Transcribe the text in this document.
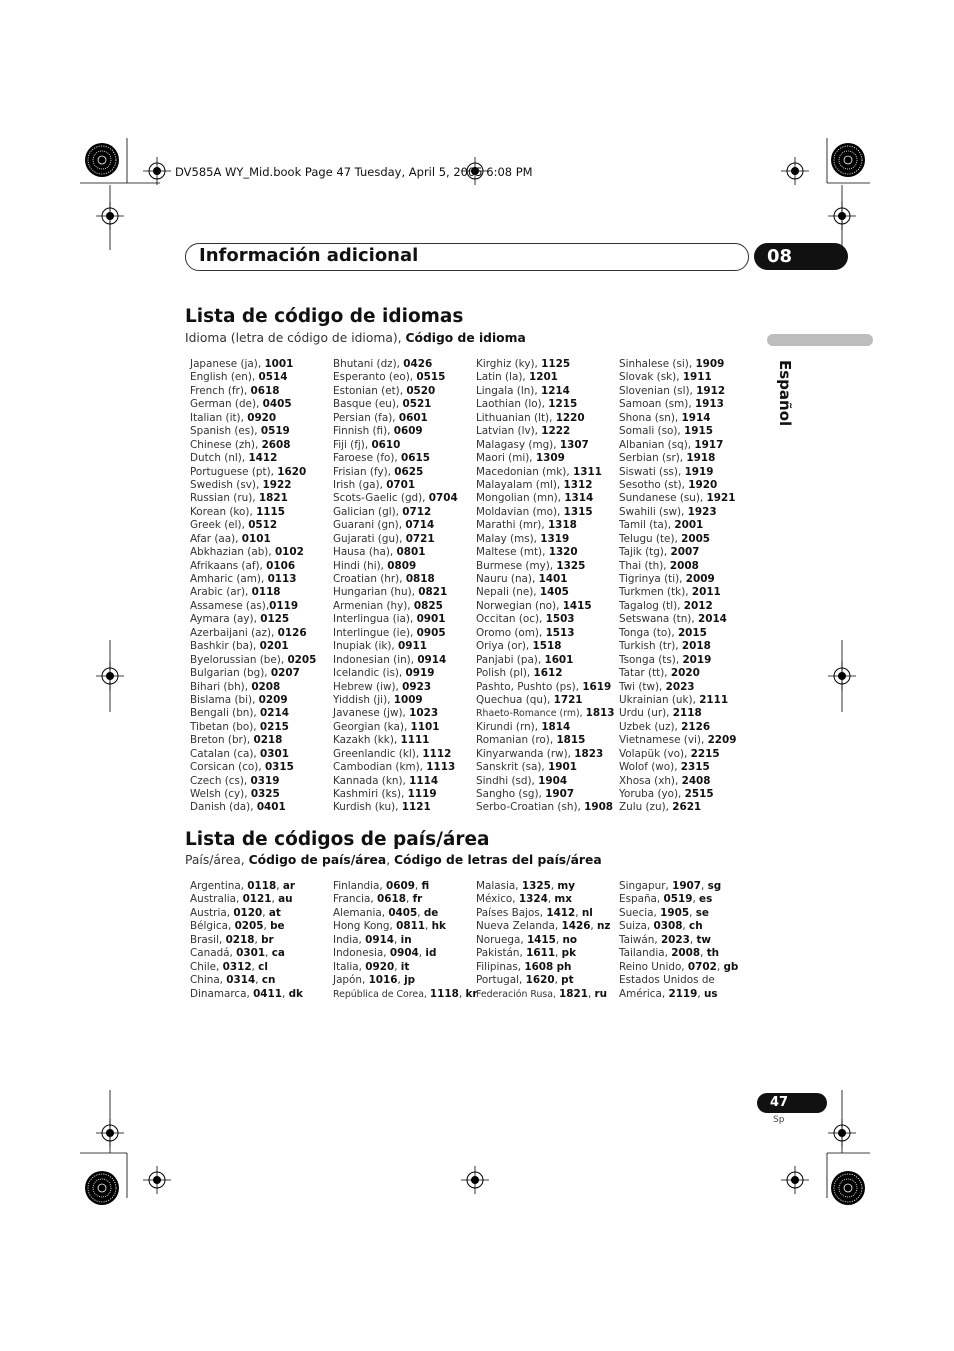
DV585A WY_Mid.book Page 47 Tuesday, April 5, 2005 6:08 PM
Información adicional	08
Español
Lista de código de idiomas
Idioma (letra de código de idioma), Código de idioma
Japanese (ja), 1001
English (en), 0514
French (fr), 0618
German (de), 0405
Italian (it), 0920
Spanish (es), 0519
Chinese (zh), 2608
Dutch (nl), 1412
Portuguese (pt), 1620
Swedish (sv), 1922
Russian (ru), 1821
Korean (ko), 1115
Greek (el), 0512
Afar (aa), 0101
Abkhazian (ab), 0102
Afrikaans (af), 0106
Amharic (am), 0113
Arabic (ar), 0118
Assamese (as),0119
Aymara (ay), 0125
Azerbaijani (az), 0126
Bashkir (ba), 0201
Byelorussian (be), 0205
Bulgarian (bg), 0207
Bihari (bh), 0208
Bislama (bi), 0209
Bengali (bn), 0214
Tibetan (bo), 0215
Breton (br), 0218
Catalan (ca), 0301
Corsican (co), 0315
Czech (cs), 0319
Welsh (cy), 0325
Danish (da), 0401
Bhutani (dz), 0426
Esperanto (eo), 0515
Estonian (et), 0520
Basque (eu), 0521
Persian (fa), 0601
Finnish (fi), 0609
Fiji (fj), 0610
Faroese (fo), 0615
Frisian (fy), 0625
Irish (ga), 0701
Scots-Gaelic (gd), 0704
Galician (gl), 0712
Guarani (gn), 0714
Gujarati (gu), 0721
Hausa (ha), 0801
Hindi (hi), 0809
Croatian (hr), 0818
Hungarian (hu), 0821
Armenian (hy), 0825
Interlingua (ia), 0901
Interlingue (ie), 0905
Inupiak (ik), 0911
Indonesian (in), 0914
Icelandic (is), 0919
Hebrew (iw), 0923
Yiddish (ji), 1009
Javanese (jw), 1023
Georgian (ka), 1101
Kazakh (kk), 1111
Greenlandic (kl), 1112
Cambodian (km), 1113
Kannada (kn), 1114
Kashmiri (ks), 1119
Kurdish (ku), 1121
Kirghiz (ky), 1125
Latin (la), 1201
Lingala (ln), 1214
Laothian (lo), 1215
Lithuanian (lt), 1220
Latvian (lv), 1222
Malagasy (mg), 1307
Maori (mi), 1309
Macedonian (mk), 1311
Malayalam (ml), 1312
Mongolian (mn), 1314
Moldavian (mo), 1315
Marathi (mr), 1318
Malay (ms), 1319
Maltese (mt), 1320
Burmese (my), 1325
Nauru (na), 1401
Nepali (ne), 1405
Norwegian (no), 1415
Occitan (oc), 1503
Oromo (om), 1513
Oriya (or), 1518
Panjabi (pa), 1601
Polish (pl), 1612
Pashto, Pushto (ps), 1619
Quechua (qu), 1721
Rhaeto-Romance (rm), 1813
Kirundi (rn), 1814
Romanian (ro), 1815
Kinyarwanda (rw), 1823
Sanskrit (sa), 1901
Sindhi (sd), 1904
Sangho (sg), 1907
Serbo-Croatian (sh), 1908
Sinhalese (si), 1909
Slovak (sk), 1911
Slovenian (sl), 1912
Samoan (sm), 1913
Shona (sn), 1914
Somali (so), 1915
Albanian (sq), 1917
Serbian (sr), 1918
Siswati (ss), 1919
Sesotho (st), 1920
Sundanese (su), 1921
Swahili (sw), 1923
Tamil (ta), 2001
Telugu (te), 2005
Tajik (tg), 2007
Thai (th), 2008
Tigrinya (ti), 2009
Turkmen (tk), 2011
Tagalog (tl), 2012
Setswana (tn), 2014
Tonga (to), 2015
Turkish (tr), 2018
Tsonga (ts), 2019
Tatar (tt), 2020
Twi (tw), 2023
Ukrainian (uk), 2111
Urdu (ur), 2118
Uzbek (uz), 2126
Vietnamese (vi), 2209
Volapük (vo), 2215
Wolof (wo), 2315
Xhosa (xh), 2408
Yoruba (yo), 2515
Zulu (zu), 2621
Lista de códigos de país/área
País/área, Código de país/área, Código de letras del país/área
Argentina, 0118, ar
Australia, 0121, au
Austria, 0120, at
Bélgica, 0205, be
Brasil, 0218, br
Canadá, 0301, ca
Chile, 0312, cl
China, 0314, cn
Dinamarca, 0411, dk
Finlandia, 0609, fi
Francia, 0618, fr
Alemania, 0405, de
Hong Kong, 0811, hk
India, 0914, in
Indonesia, 0904, id
Italia, 0920, it
Japón, 1016, jp
República de Corea, 1118, kr
Malasia, 1325, my
México, 1324, mx
Países Bajos, 1412, nl
Nueva Zelanda, 1426, nz
Noruega, 1415, no
Pakistán, 1611, pk
Filipinas, 1608 ph
Portugal, 1620, pt
Federación Rusa, 1821, ru
Singapur, 1907, sg
España, 0519, es
Suecia, 1905, se
Suiza, 0308, ch
Taiwán, 2023, tw
Tailandia, 2008, th
Reino Unido, 0702, gb
Estados Unidos de
América, 2119, us
47
Sp
